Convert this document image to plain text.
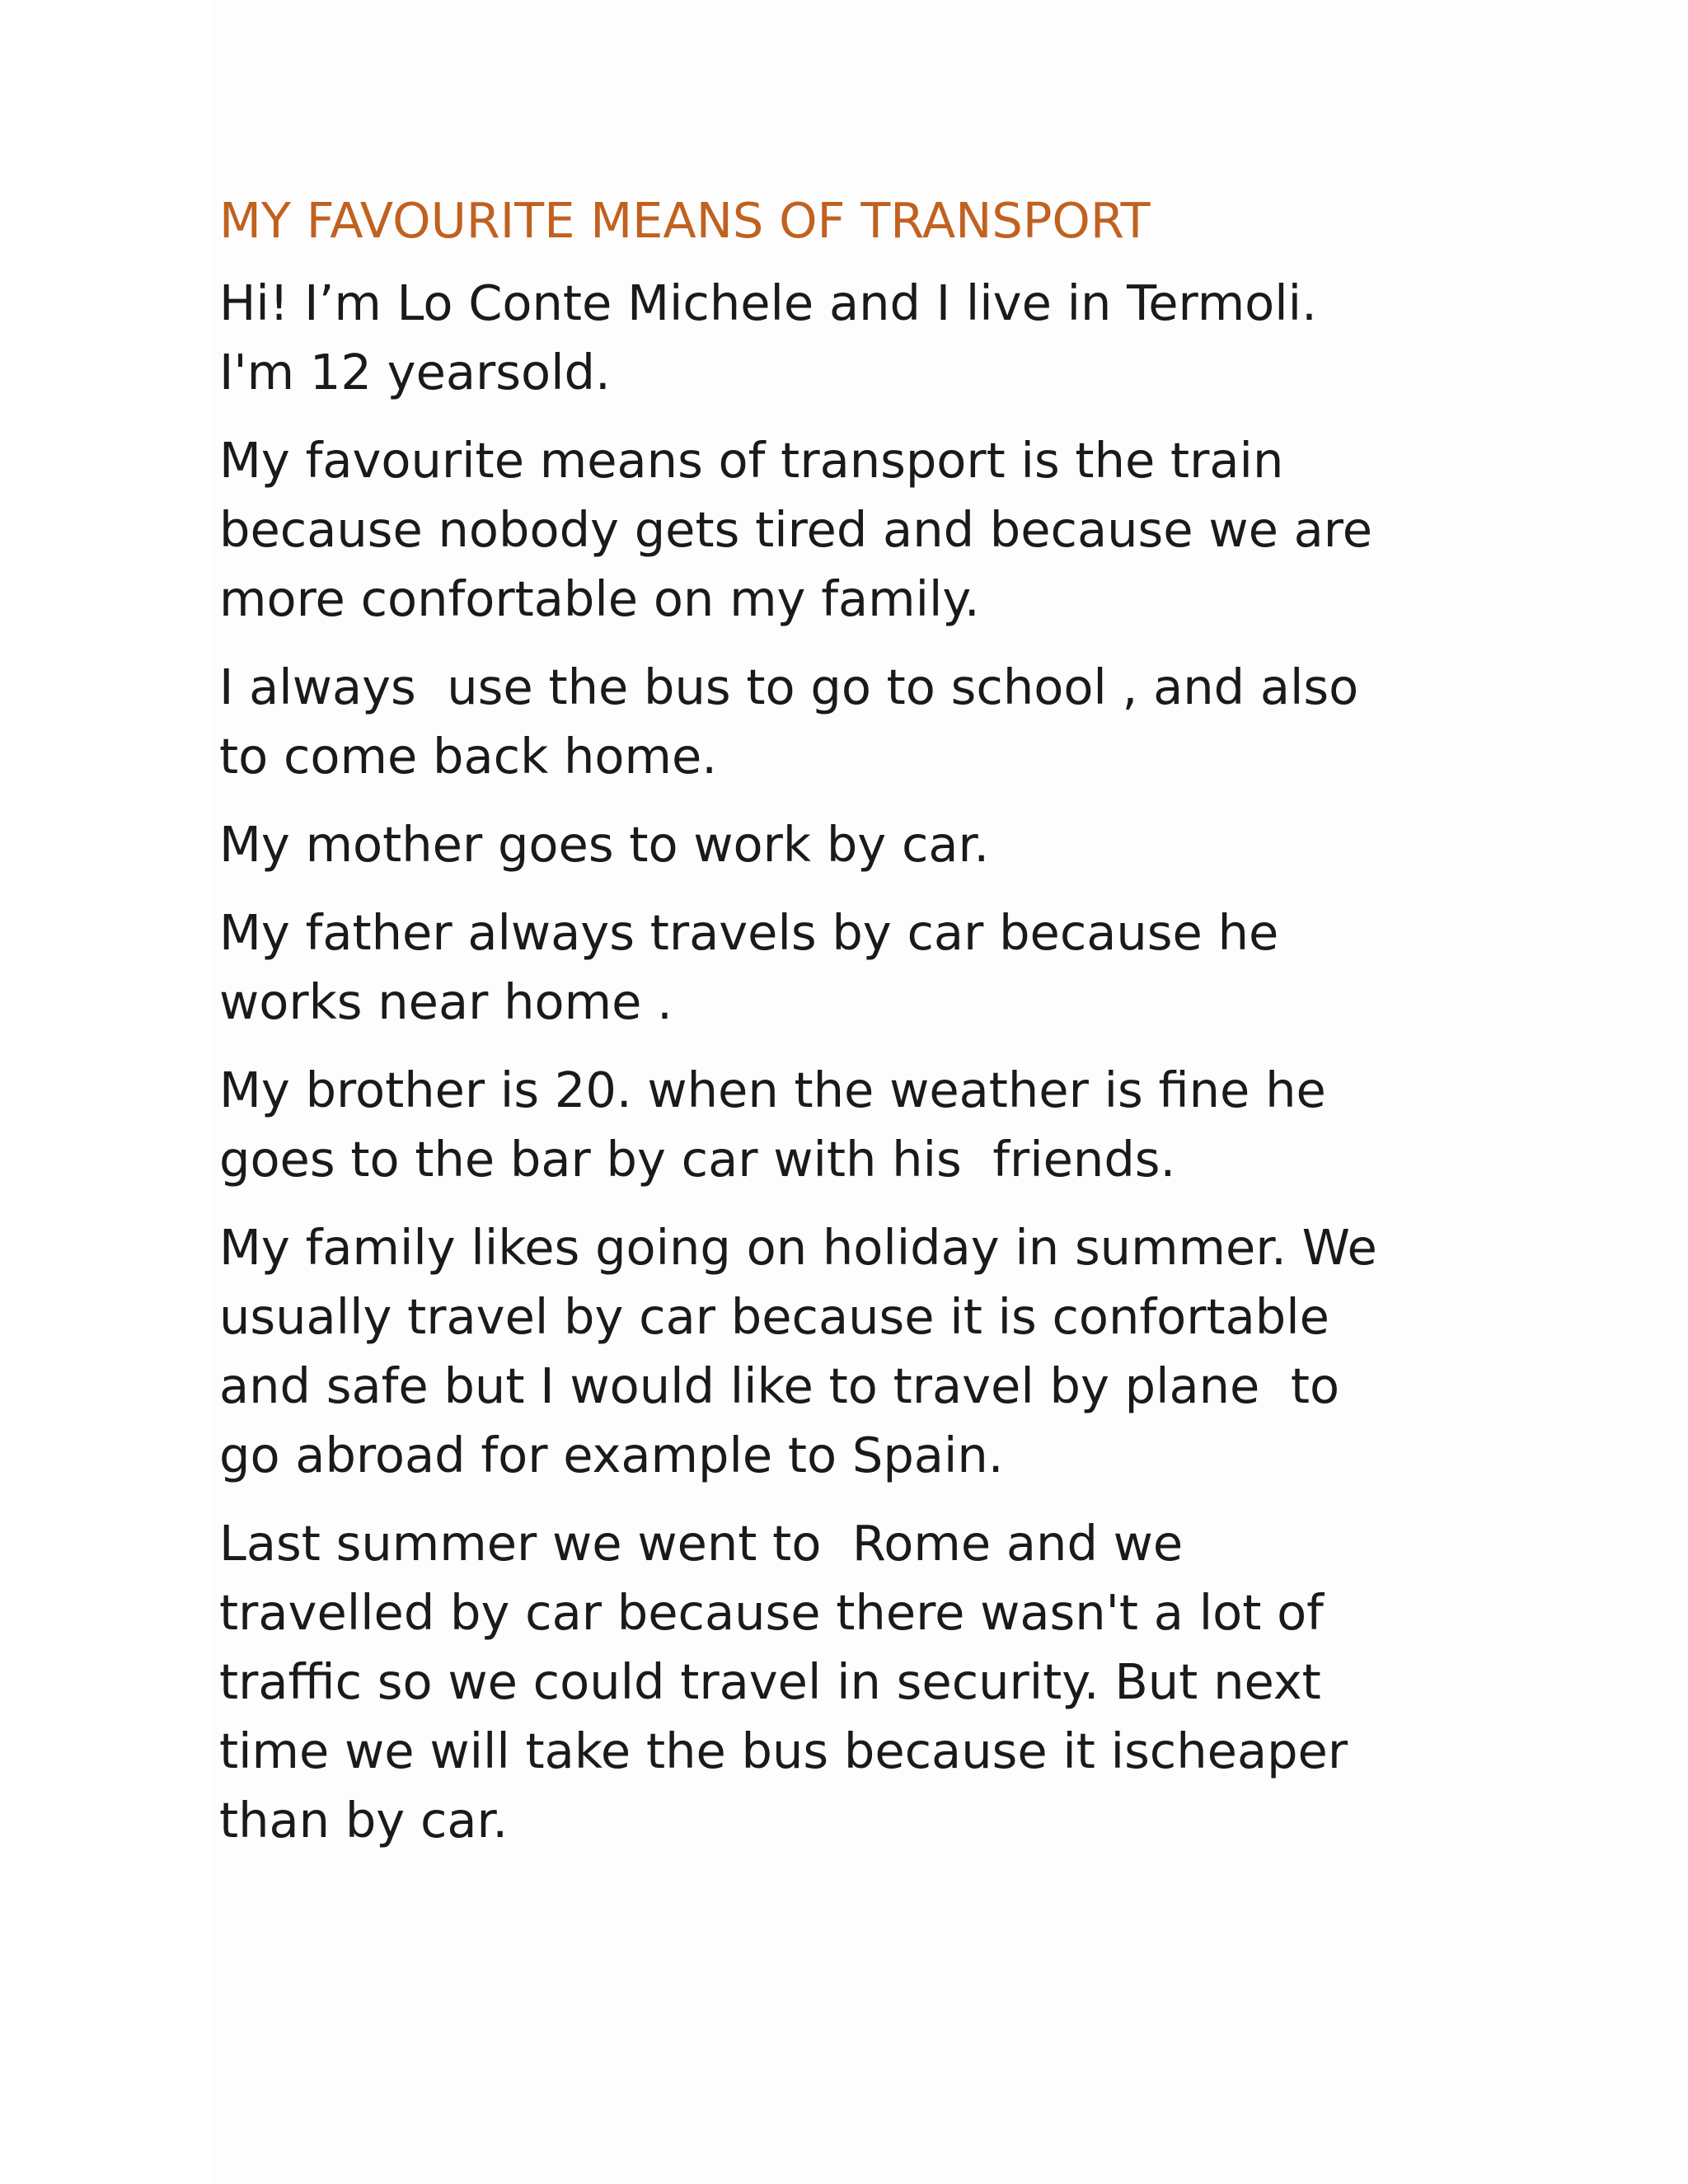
MY FAVOURITE MEANS OF TRANSPORT

Hi! I’m Lo Conte Michele and I live in Termoli.
I'm 12 yearsold.

My favourite means of transport is the train
because nobody gets tired and because we are
more confortable on my family.

I always  use the bus to go to school , and also
to come back home.

My mother goes to work by car.

My father always travels by car because he
works near home .

My brother is 20. when the weather is fine he
goes to the bar by car with his  friends.

My family likes going on holiday in summer. We
usually travel by car because it is confortable
and safe but I would like to travel by plane  to
go abroad for example to Spain.

Last summer we went to  Rome and we
travelled by car because there wasn't a lot of
traffic so we could travel in security. But next
time we will take the bus because it ischeaper
than by car.
